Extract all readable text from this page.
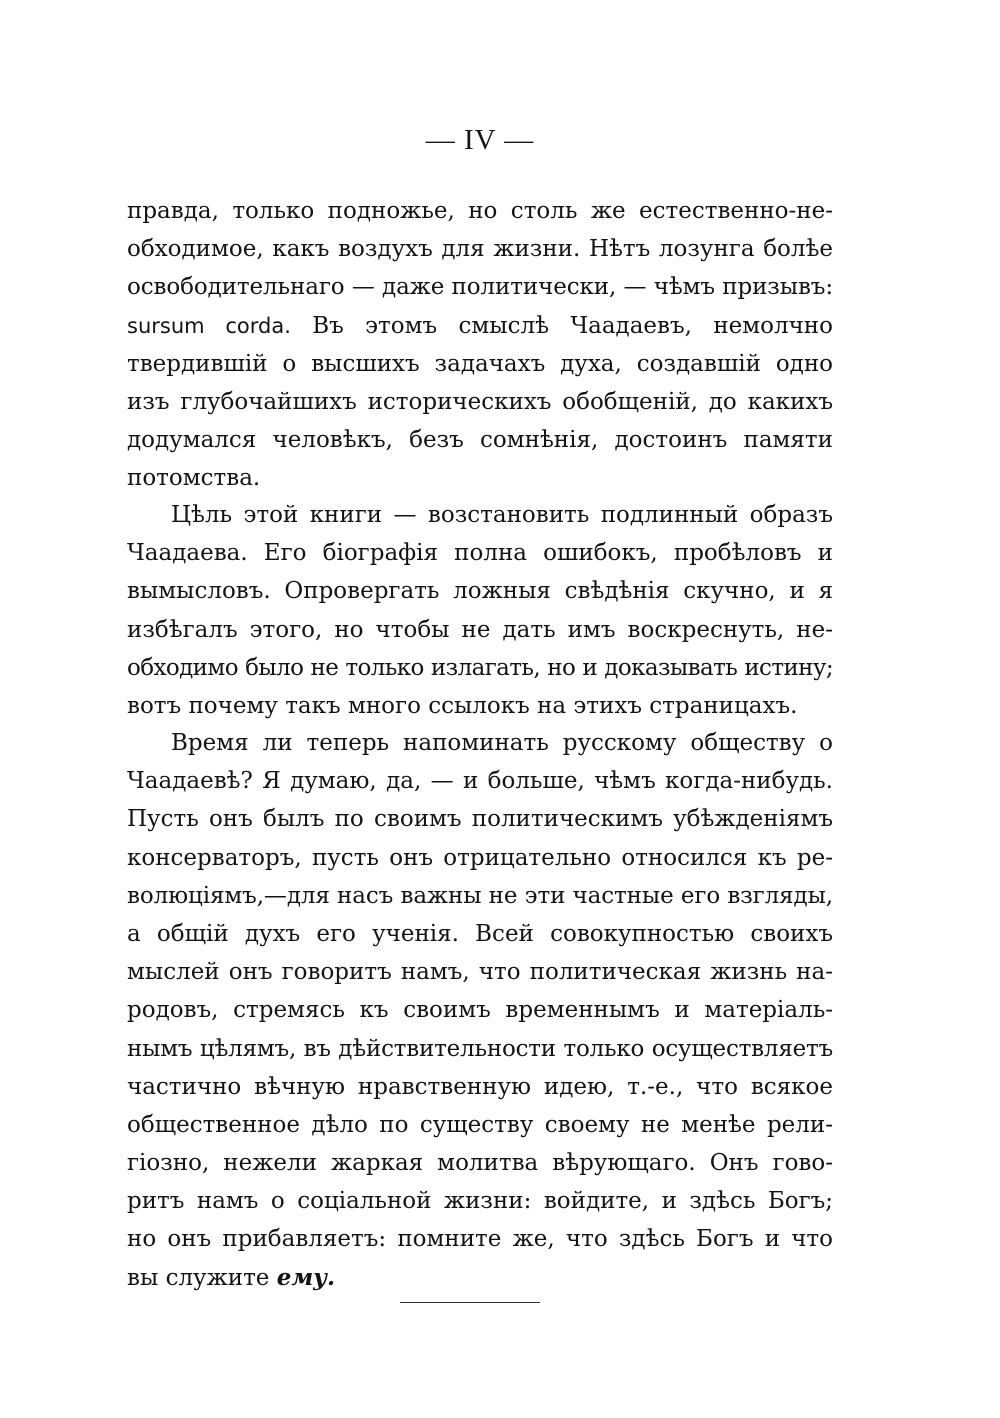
— IV —
правда, только подножье, но столь же естественно-не-
обходимое, какъ воздухъ для жизни. Нѣтъ лозунга болѣе
освободительнаго — даже политически, — чѣмъ призывъ:
sursum corda. Въ этомъ смыслѣ Чаадаевъ, немолчно
твердившій о высшихъ задачахъ духа, создавшій одно
изъ глубочайшихъ историческихъ обобщеній, до какихъ
додумался человѣкъ, безъ сомнѣнія, достоинъ памяти
потомства.
Цѣль этой книги — возстановить подлинный образъ
Чаадаева. Его біографія полна ошибокъ, пробѣловъ и
вымысловъ. Опровергать ложныя свѣдѣнія скучно, и я
избѣгалъ этого, но чтобы не дать имъ воскреснуть, не-
обходимо было не только излагать, но и доказывать истину;
вотъ почему такъ много ссылокъ на этихъ страницахъ.
Время ли теперь напоминать русскому обществу о
Чаадаевѣ? Я думаю, да, — и больше, чѣмъ когда-нибудь.
Пусть онъ былъ по своимъ политическимъ убѣжденіямъ
консерваторъ, пусть онъ отрицательно относился къ ре-
волюціямъ,—для насъ важны не эти частные его взгляды,
а общій духъ его ученія. Всей совокупностью своихъ
мыслей онъ говоритъ намъ, что политическая жизнь на-
родовъ, стремясь къ своимъ временнымъ и матеріаль-
нымъ цѣлямъ, въ дѣйствительности только осуществляетъ
частично вѣчную нравственную идею, т.-е., что всякое
общественное дѣло по существу своему не менѣе рели-
гіозно, нежели жаркая молитва вѣрующаго. Онъ гово-
ритъ намъ о соціальной жизни: войдите, и здѣсь Богъ;
но онъ прибавляетъ: помните же, что здѣсь Богъ и что
вы служите ему.
